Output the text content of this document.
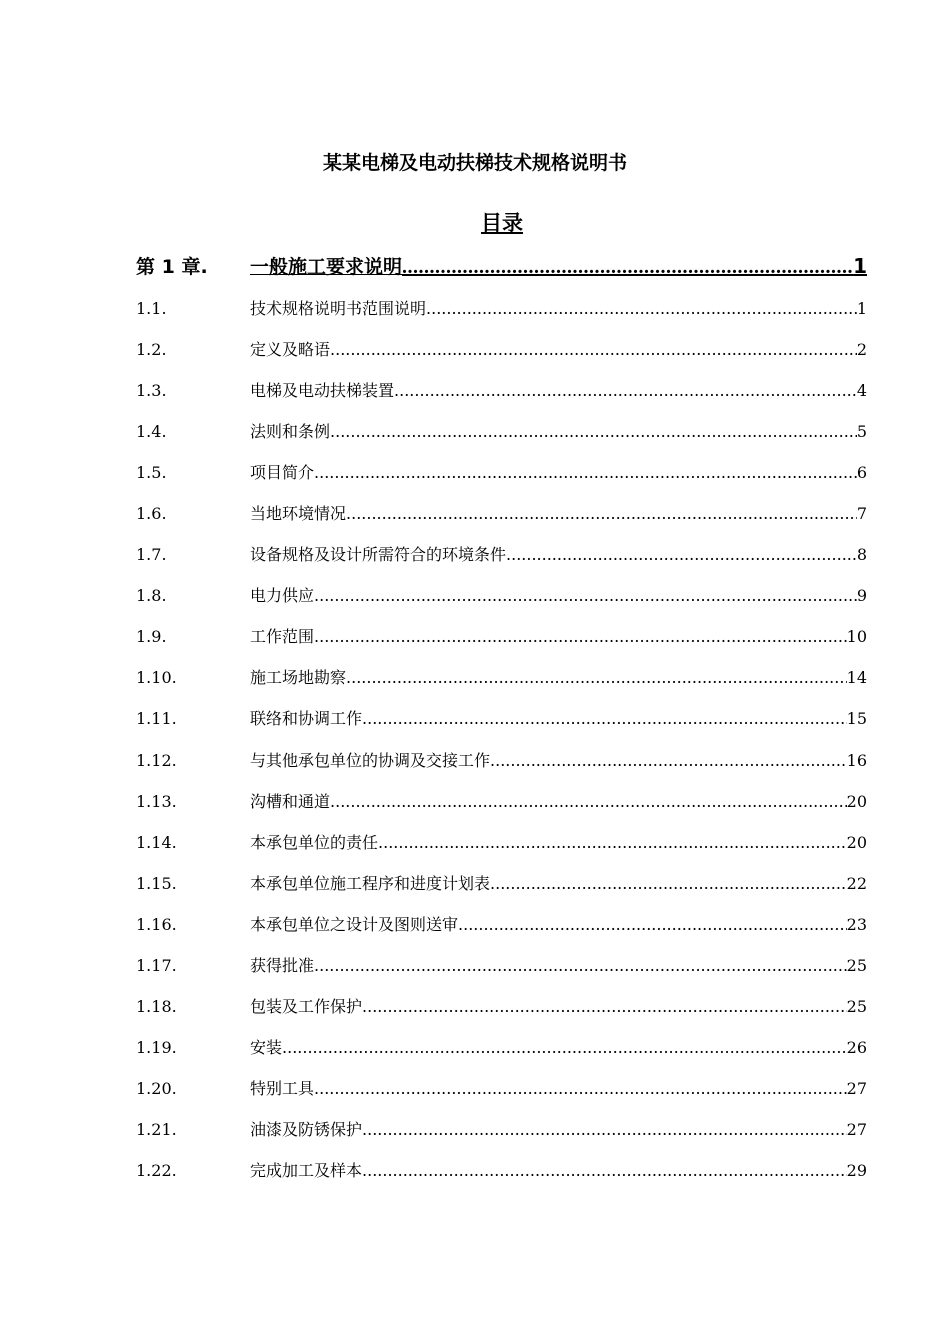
某某电梯及电动扶梯技术规格说明书
目录
第 1 章.	一般施工要求说明 .....	1
1.1.	技术规格说明书范围说明 .....	1
1.2.	定义及略语 .....	2
1.3.	电梯及电动扶梯装置 .....	4
1.4.	法则和条例 .....	5
1.5.	项目简介 .....	6
1.6.	当地环境情况 .....	7
1.7.	设备规格及设计所需符合的环境条件 .....	8
1.8.	电力供应 .....	9
1.9.	工作范围 .....	10
1.10.	施工场地勘察 .....	14
1.11.	联络和协调工作 .....	15
1.12.	与其他承包单位的协调及交接工作 .....	16
1.13.	沟槽和通道 .....	20
1.14.	本承包单位的责任 .....	20
1.15.	本承包单位施工程序和进度计划表 .....	22
1.16.	本承包单位之设计及图则送审 .....	23
1.17.	获得批准 .....	25
1.18.	包装及工作保护 .....	25
1.19.	安装 .....	26
1.20.	特别工具 .....	27
1.21.	油漆及防锈保护 .....	27
1.22.	完成加工及样本 .....	29
